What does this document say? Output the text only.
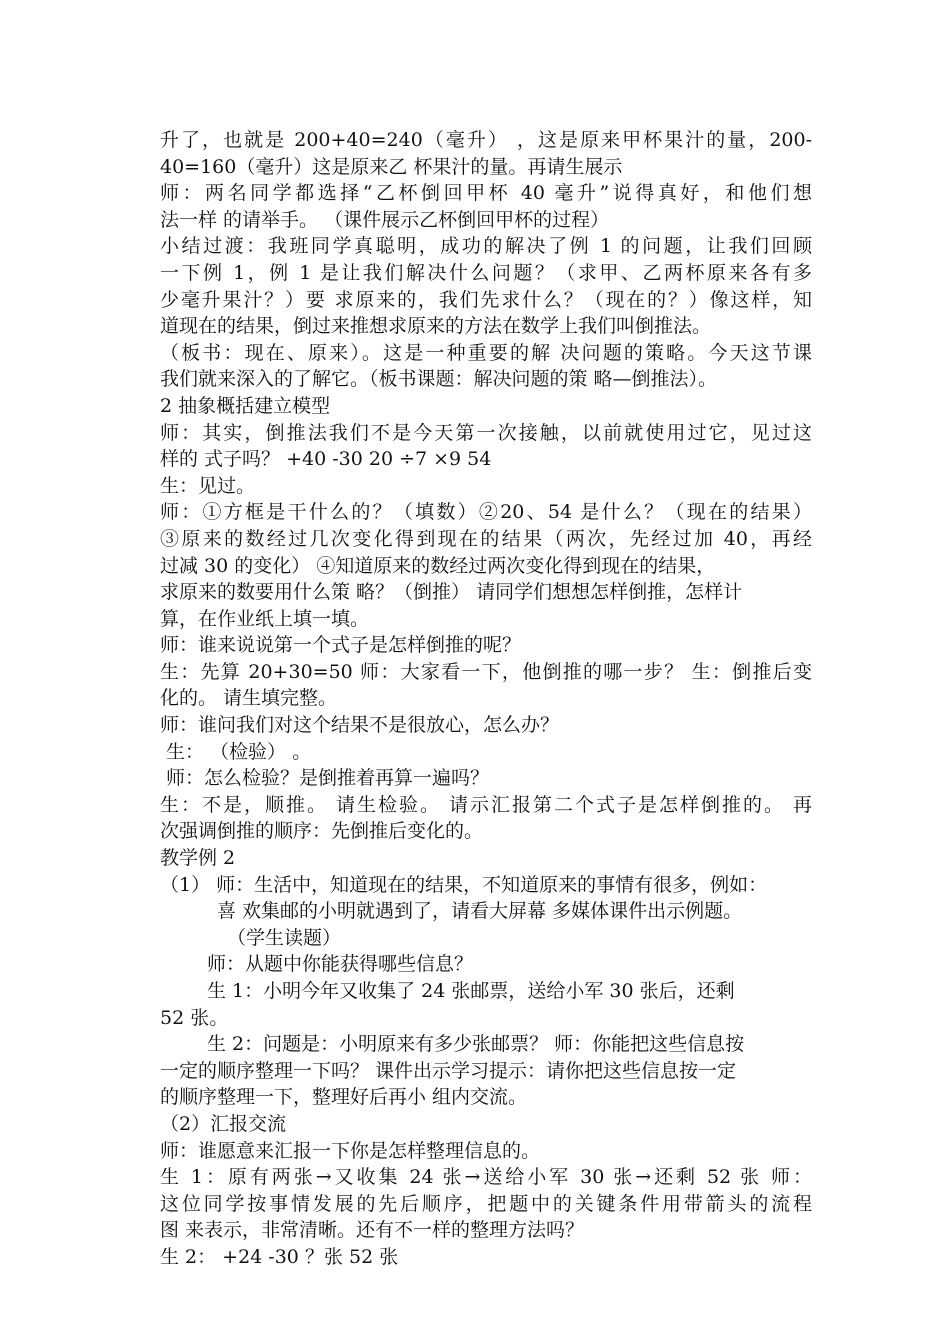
升了，也就是 200+40=240（毫升） ，这是原来甲杯果汁的量，200-
40=160（毫升）这是原来乙 杯果汁的量。再请生展示
师：两名同学都选择“乙杯倒回甲杯 40 毫升”说得真好，和他们想
法一样 的请举手。 （课件展示乙杯倒回甲杯的过程）
小结过渡：我班同学真聪明，成功的解决了例 1 的问题，让我们回顾
一下例 1，例 1 是让我们解决什么问题？（求甲、乙两杯原来各有多
少毫升果汁？）要 求原来的，我们先求什么？（现在的？）像这样，知
道现在的结果，倒过来推想求原来的方法在数学上我们叫倒推法。
（板书：现在、原来）。这是一种重要的解 决问题的策略。今天这节课
我们就来深入的了解它。（板书课题：解决问题的策 略—倒推法）。
2 抽象概括建立模型
师：其实，倒推法我们不是今天第一次接触，以前就使用过它，见过这
样的 式子吗？ +40 -30 20 ÷7 ×9 54
生：见过。
师：①方框是干什么的？（填数）②20、54 是什么？（现在的结果）
③原来的数经过几次变化得到现在的结果（两次，先经过加 40，再经
过减 30 的变化） ④知道原来的数经过两次变化得到现在的结果，
求原来的数要用什么策 略？（倒推） 请同学们想想怎样倒推，怎样计
算，在作业纸上填一填。
师：谁来说说第一个式子是怎样倒推的呢？
生：先算 20+30=50 师：大家看一下，他倒推的哪一步？ 生：倒推后变
化的。 请生填完整。
师：谁问我们对这个结果不是很放心，怎么办？
生： （检验） 。
师：怎么检验？是倒推着再算一遍吗？
生：不是，顺推。 请生检验。 请示汇报第二个式子是怎样倒推的。 再
次强调倒推的顺序：先倒推后变化的。
教学例 2
（1） 师：生活中，知道现在的结果，不知道原来的事情有很多，例如：
喜 欢集邮的小明就遇到了，请看大屏幕 多媒体课件出示例题。
（学生读题）
师：从题中你能获得哪些信息？
生 1：小明今年又收集了 24 张邮票，送给小军 30 张后，还剩
52 张。
生 2：问题是：小明原来有多少张邮票？ 师：你能把这些信息按
一定的顺序整理一下吗？ 课件出示学习提示：请你把这些信息按一定
的顺序整理一下，整理好后再小 组内交流。
（2）汇报交流
师：谁愿意来汇报一下你是怎样整理信息的。
生 1：原有两张→又收集 24 张→送给小军 30 张→还剩 52 张 师：
这位同学按事情发展的先后顺序，把题中的关键条件用带箭头的流程
图 来表示，非常清晰。还有不一样的整理方法吗？
生 2： +24 -30 ？张 52 张
